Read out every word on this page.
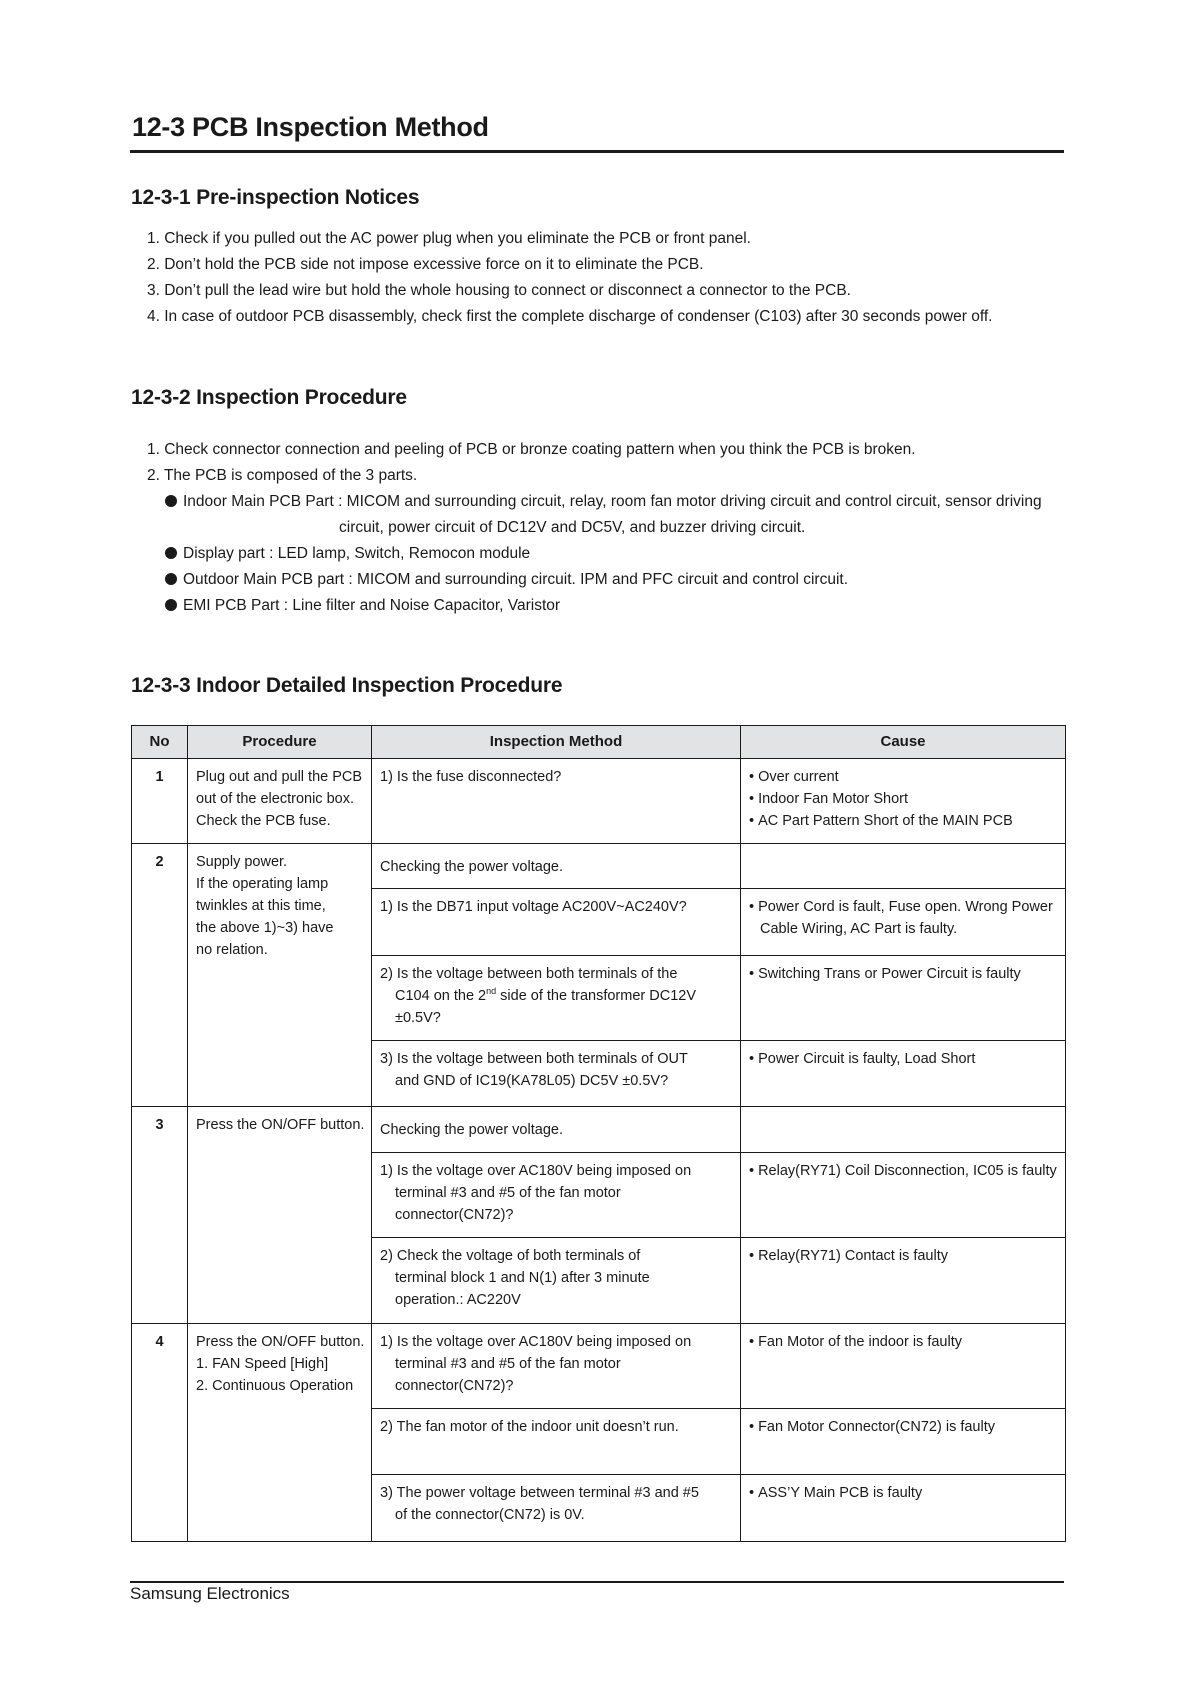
12-3 PCB Inspection Method
12-3-1 Pre-inspection Notices
1. Check if you pulled out the AC power plug when you eliminate the PCB or front panel.
2. Don’t hold the PCB side not impose excessive force on it to eliminate the PCB.
3. Don’t pull the lead wire but hold the whole housing to connect or disconnect a connector to the PCB.
4. In case of outdoor PCB disassembly, check first the complete discharge of condenser (C103) after 30 seconds power off.
12-3-2 Inspection Procedure
1. Check connector connection and peeling of PCB or bronze coating pattern when you think the PCB is broken.
2. The PCB is composed of the 3 parts.
Indoor Main PCB Part : MICOM and surrounding circuit, relay, room fan motor driving circuit and control circuit, sensor driving
circuit, power circuit of DC12V and DC5V, and buzzer driving circuit.
Display part : LED lamp, Switch, Remocon module
Outdoor Main PCB part : MICOM and surrounding circuit. IPM and PFC circuit and control circuit.
EMI PCB Part : Line filter and Noise Capacitor, Varistor
12-3-3 Indoor Detailed Inspection Procedure
No	Procedure	Inspection Method	Cause
1	Plug out and pull the PCB
out of the electronic box.
Check the PCB fuse.	1) Is the fuse disconnected?	• Over current
• Indoor Fan Motor Short
• AC Part Pattern Short of the MAIN PCB

2	Supply power.
If the operating lamp
twinkles at this time,
the above 1)~3) have
no relation.	Checking the power voltage.	

		1) Is the DB71 input voltage AC200V~AC240V?	• Power Cord is fault, Fuse open. Wrong Power
Cable Wiring, AC Part is faulty.

		2) Is the voltage between both terminals of the
C104 on the 2nd side of the transformer DC12V
±0.5V?	• Switching Trans or Power Circuit is faulty

		3) Is the voltage between both terminals of OUT
and GND of IC19(KA78L05) DC5V ±0.5V?	• Power Circuit is faulty, Load Short

3	Press the ON/OFF button.	Checking the power voltage.	

		1) Is the voltage over AC180V being imposed on
terminal #3 and #5 of the fan motor
connector(CN72)?	• Relay(RY71) Coil Disconnection, IC05 is faulty

		2) Check the voltage of both terminals of
terminal block 1 and N(1) after 3 minute
operation.: AC220V	• Relay(RY71) Contact is faulty

4	Press the ON/OFF button.
1. FAN Speed [High]
2. Continuous Operation	1) Is the voltage over AC180V being imposed on
terminal #3 and #5 of the fan motor
connector(CN72)?	• Fan Motor of the indoor is faulty

		2) The fan motor of the indoor unit doesn’t run.	• Fan Motor Connector(CN72) is faulty

		3) The power voltage between terminal #3 and #5
of the connector(CN72) is 0V.	• ASS’Y Main PCB is faulty
Samsung Electronics
